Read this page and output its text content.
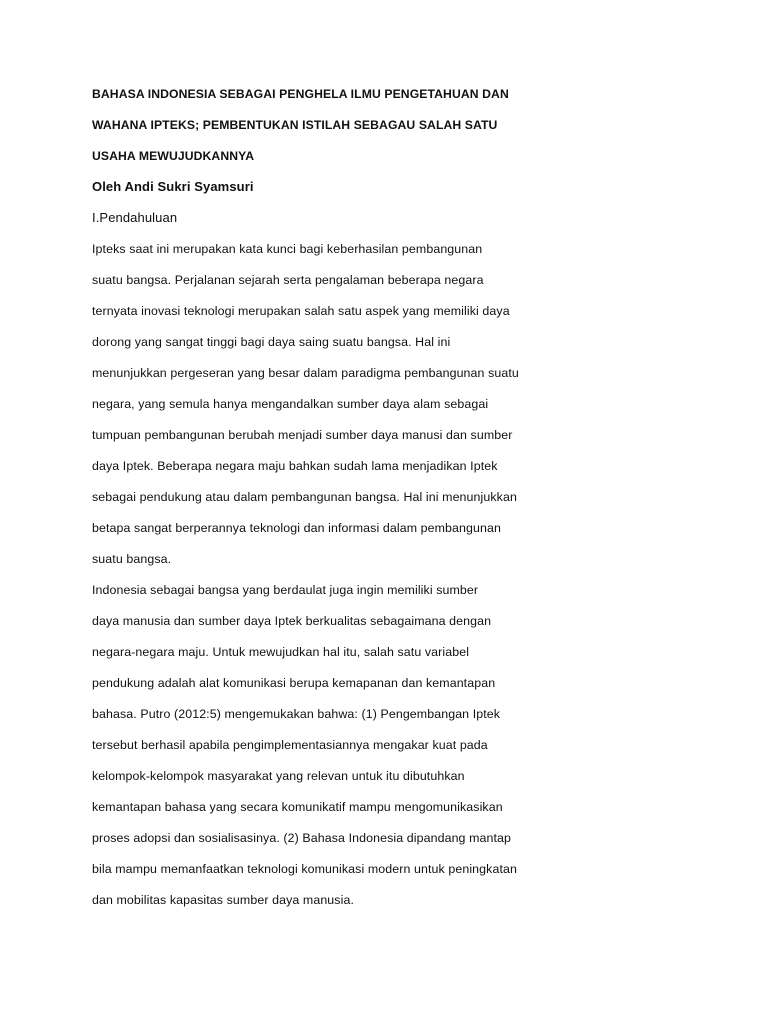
BAHASA INDONESIA SEBAGAI PENGHELA ILMU PENGETAHUAN DAN
WAHANA IPTEKS; PEMBENTUKAN ISTILAH SEBAGAU SALAH SATU
USAHA MEWUJUDKANNYA
Oleh Andi Sukri Syamsuri
I.Pendahuluan
Ipteks saat ini merupakan kata kunci bagi keberhasilan pembangunan
suatu bangsa. Perjalanan sejarah serta pengalaman beberapa negara
ternyata inovasi teknologi merupakan salah satu aspek yang memiliki daya
dorong yang sangat tinggi bagi daya saing suatu bangsa. Hal ini
menunjukkan pergeseran yang besar dalam paradigma pembangunan suatu
negara, yang semula hanya mengandalkan sumber daya alam sebagai
tumpuan pembangunan berubah menjadi sumber daya manusi dan sumber
daya Iptek. Beberapa negara maju bahkan sudah lama menjadikan Iptek
sebagai pendukung atau dalam pembangunan bangsa. Hal ini menunjukkan
betapa sangat berperannya teknologi dan informasi dalam pembangunan
suatu bangsa.
Indonesia sebagai bangsa yang berdaulat juga ingin memiliki sumber
daya manusia dan sumber daya Iptek berkualitas sebagaimana dengan
negara-negara maju. Untuk mewujudkan hal itu, salah satu variabel
pendukung adalah alat komunikasi berupa kemapanan dan kemantapan
bahasa. Putro (2012:5) mengemukakan bahwa: (1) Pengembangan Iptek
tersebut berhasil apabila pengimplementasiannya mengakar kuat pada
kelompok-kelompok masyarakat yang relevan untuk itu dibutuhkan
kemantapan bahasa yang secara komunikatif mampu mengomunikasikan
proses adopsi dan sosialisasinya. (2) Bahasa Indonesia dipandang mantap
bila mampu memanfaatkan teknologi komunikasi modern untuk peningkatan
dan mobilitas kapasitas sumber daya manusia.
